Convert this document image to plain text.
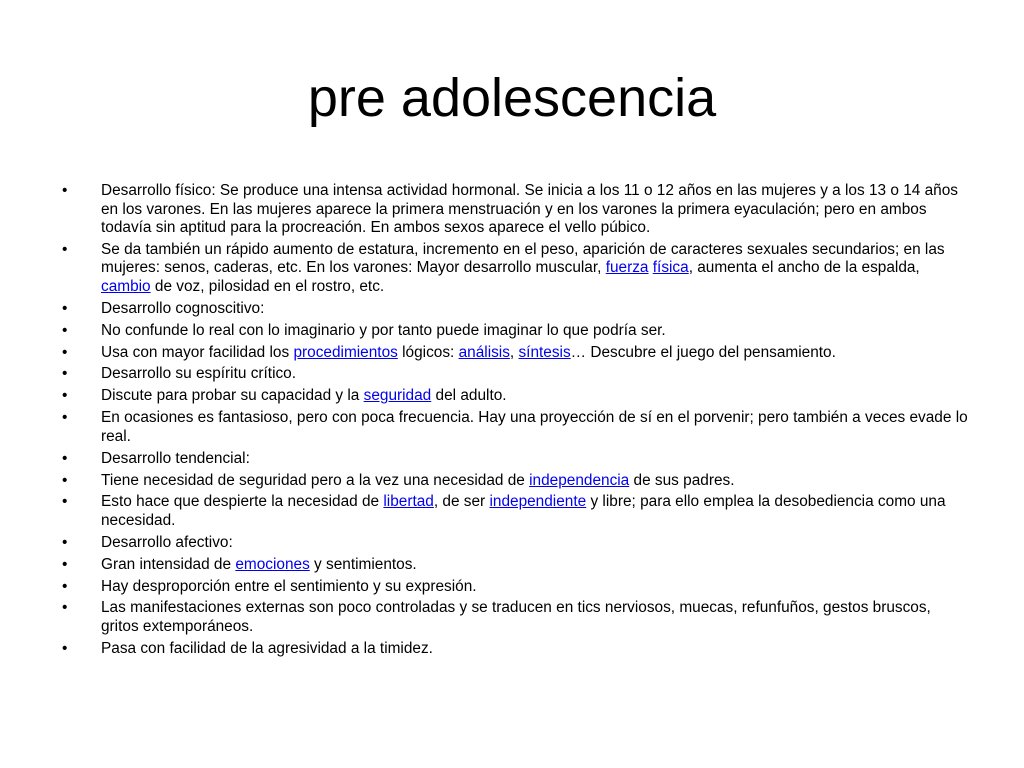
pre adolescencia
• Desarrollo físico: Se produce una intensa actividad hormonal. Se inicia a los 11 o 12 años en las mujeres y a los 13 o 14 años en los varones. En las mujeres aparece la primera menstruación y en los varones la primera eyaculación; pero en ambos todavía sin aptitud para la procreación. En ambos sexos aparece el vello púbico.
• Se da también un rápido aumento de estatura, incremento en el peso, aparición de caracteres sexuales secundarios; en las mujeres: senos, caderas, etc. En los varones: Mayor desarrollo muscular, fuerza física, aumenta el ancho de la espalda, cambio de voz, pilosidad en el rostro, etc.
• Desarrollo cognoscitivo:
• No confunde lo real con lo imaginario y por tanto puede imaginar lo que podría ser.
• Usa con mayor facilidad los procedimientos lógicos: análisis, síntesis… Descubre el juego del pensamiento.
• Desarrollo su espíritu crítico.
• Discute para probar su capacidad y la seguridad del adulto.
• En ocasiones es fantasioso, pero con poca frecuencia. Hay una proyección de sí en el porvenir; pero también a veces evade lo real.
• Desarrollo tendencial:
• Tiene necesidad de seguridad pero a la vez una necesidad de independencia de sus padres.
• Esto hace que despierte la necesidad de libertad, de ser independiente y libre; para ello emplea la desobediencia como una necesidad.
• Desarrollo afectivo:
• Gran intensidad de emociones y sentimientos.
• Hay desproporción entre el sentimiento y su expresión.
• Las manifestaciones externas son poco controladas y se traducen en tics nerviosos, muecas, refunfuños, gestos bruscos, gritos extemporáneos.
• Pasa con facilidad de la agresividad a la timidez.
